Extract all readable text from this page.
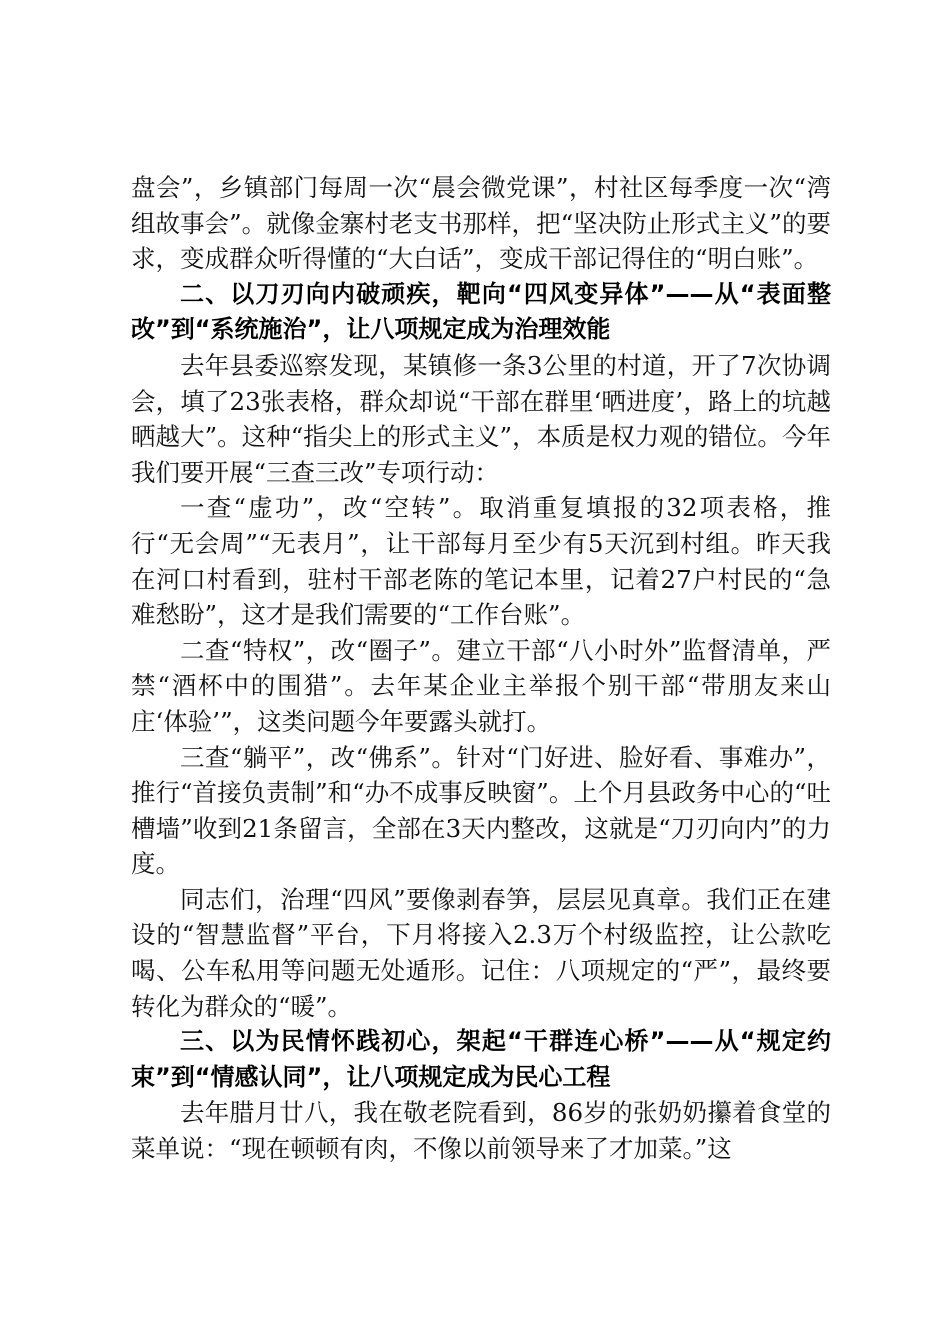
盘会”，乡镇部门每周一次“晨会微党课”，村社区每季度一次“湾组故事会”。就像金寨村老支书那样，把“坚决防止形式主义”的要求，变成群众听得懂的“大白话”，变成干部记得住的“明白账”。

二、以刀刃向内破顽疾，靶向“四风变异体”——从“表面整改”到“系统施治”，让八项规定成为治理效能

去年县委巡察发现，某镇修一条3公里的村道，开了7次协调会，填了23张表格，群众却说“干部在群里‘晒进度’，路上的坑越晒越大”。这种“指尖上的形式主义”，本质是权力观的错位。今年我们要开展“三查三改”专项行动：

一查“虚功”，改“空转”。取消重复填报的32项表格，推行“无会周”“无表月”，让干部每月至少有5天沉到村组。昨天我在河口村看到，驻村干部老陈的笔记本里，记着27户村民的“急难愁盼”，这才是我们需要的“工作台账”。

二查“特权”，改“圈子”。建立干部“八小时外”监督清单，严禁“酒杯中的围猎”。去年某企业主举报个别干部“带朋友来山庄‘体验’”，这类问题今年要露头就打。

三查“躺平”，改“佛系”。针对“门好进、脸好看、事难办”，推行“首接负责制”和“办不成事反映窗”。上个月县政务中心的“吐槽墙”收到21条留言，全部在3天内整改，这就是“刀刃向内”的力度。

同志们，治理“四风”要像剥春笋，层层见真章。我们正在建设的“智慧监督”平台，下月将接入2.3万个村级监控，让公款吃喝、公车私用等问题无处遁形。记住：八项规定的“严”，最终要转化为群众的“暖”。

三、以为民情怀践初心，架起“干群连心桥”——从“规定约束”到“情感认同”，让八项规定成为民心工程

去年腊月廿八，我在敬老院看到，86岁的张奶奶攥着食堂的菜单说：“现在顿顿有肉，不像以前领导来了才加菜。”这
